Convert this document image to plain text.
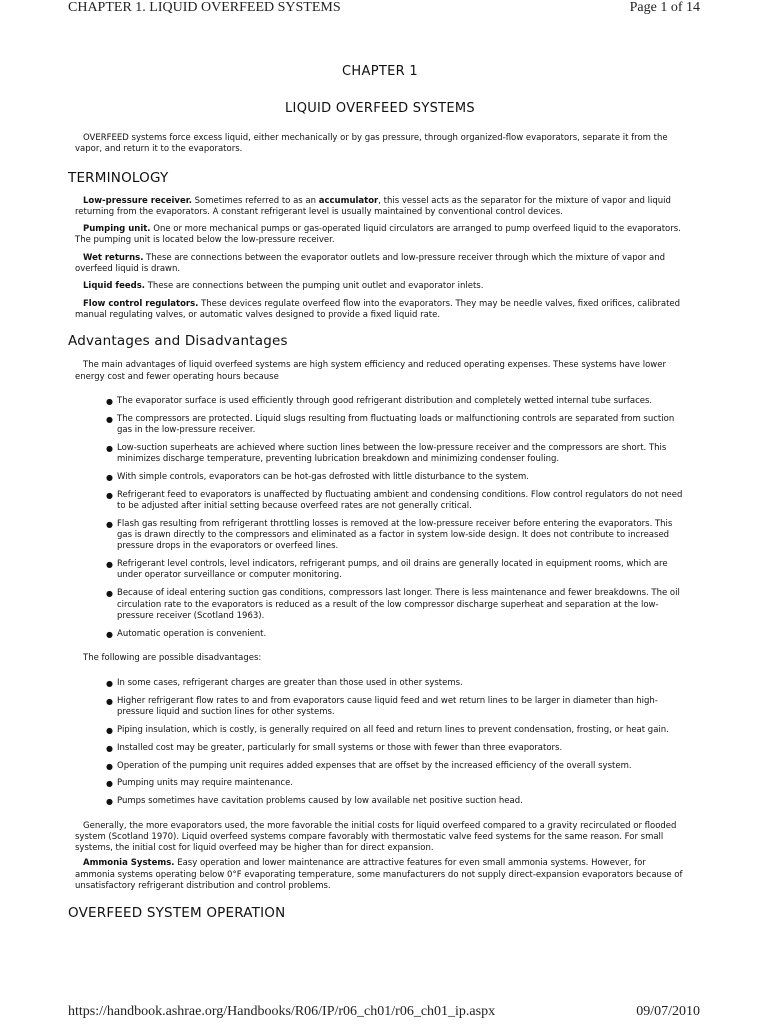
CHAPTER 1. LIQUID OVERFEED SYSTEMS	Page 1 of 14
CHAPTER 1
LIQUID OVERFEED SYSTEMS

OVERFEED systems force excess liquid, either mechanically or by gas pressure, through organized-flow evaporators, separate it from the vapor, and return it to the evaporators.

TERMINOLOGY

Low-pressure receiver. Sometimes referred to as an accumulator, this vessel acts as the separator for the mixture of vapor and liquid returning from the evaporators. A constant refrigerant level is usually maintained by conventional control devices.

Pumping unit. One or more mechanical pumps or gas-operated liquid circulators are arranged to pump overfeed liquid to the evaporators. The pumping unit is located below the low-pressure receiver.

Wet returns. These are connections between the evaporator outlets and low-pressure receiver through which the mixture of vapor and overfeed liquid is drawn.

Liquid feeds. These are connections between the pumping unit outlet and evaporator inlets.

Flow control regulators. These devices regulate overfeed flow into the evaporators. They may be needle valves, fixed orifices, calibrated manual regulating valves, or automatic valves designed to provide a fixed liquid rate.

Advantages and Disadvantages

The main advantages of liquid overfeed systems are high system efficiency and reduced operating expenses. These systems have lower energy cost and fewer operating hours because

● The evaporator surface is used efficiently through good refrigerant distribution and completely wetted internal tube surfaces.
● The compressors are protected. Liquid slugs resulting from fluctuating loads or malfunctioning controls are separated from suction gas in the low-pressure receiver.
● Low-suction superheats are achieved where suction lines between the low-pressure receiver and the compressors are short. This minimizes discharge temperature, preventing lubrication breakdown and minimizing condenser fouling.
● With simple controls, evaporators can be hot-gas defrosted with little disturbance to the system.
● Refrigerant feed to evaporators is unaffected by fluctuating ambient and condensing conditions. Flow control regulators do not need to be adjusted after initial setting because overfeed rates are not generally critical.
● Flash gas resulting from refrigerant throttling losses is removed at the low-pressure receiver before entering the evaporators. This gas is drawn directly to the compressors and eliminated as a factor in system low-side design. It does not contribute to increased pressure drops in the evaporators or overfeed lines.
● Refrigerant level controls, level indicators, refrigerant pumps, and oil drains are generally located in equipment rooms, which are under operator surveillance or computer monitoring.
● Because of ideal entering suction gas conditions, compressors last longer. There is less maintenance and fewer breakdowns. The oil circulation rate to the evaporators is reduced as a result of the low compressor discharge superheat and separation at the low-pressure receiver (Scotland 1963).
● Automatic operation is convenient.

The following are possible disadvantages:

● In some cases, refrigerant charges are greater than those used in other systems.
● Higher refrigerant flow rates to and from evaporators cause liquid feed and wet return lines to be larger in diameter than high-pressure liquid and suction lines for other systems.
● Piping insulation, which is costly, is generally required on all feed and return lines to prevent condensation, frosting, or heat gain.
● Installed cost may be greater, particularly for small systems or those with fewer than three evaporators.
● Operation of the pumping unit requires added expenses that are offset by the increased efficiency of the overall system.
● Pumping units may require maintenance.
● Pumps sometimes have cavitation problems caused by low available net positive suction head.

Generally, the more evaporators used, the more favorable the initial costs for liquid overfeed compared to a gravity recirculated or flooded system (Scotland 1970). Liquid overfeed systems compare favorably with thermostatic valve feed systems for the same reason. For small systems, the initial cost for liquid overfeed may be higher than for direct expansion.

Ammonia Systems. Easy operation and lower maintenance are attractive features for even small ammonia systems. However, for ammonia systems operating below 0°F evaporating temperature, some manufacturers do not supply direct-expansion evaporators because of unsatisfactory refrigerant distribution and control problems.

OVERFEED SYSTEM OPERATION
https://handbook.ashrae.org/Handbooks/R06/IP/r06_ch01/r06_ch01_ip.aspx	09/07/2010
